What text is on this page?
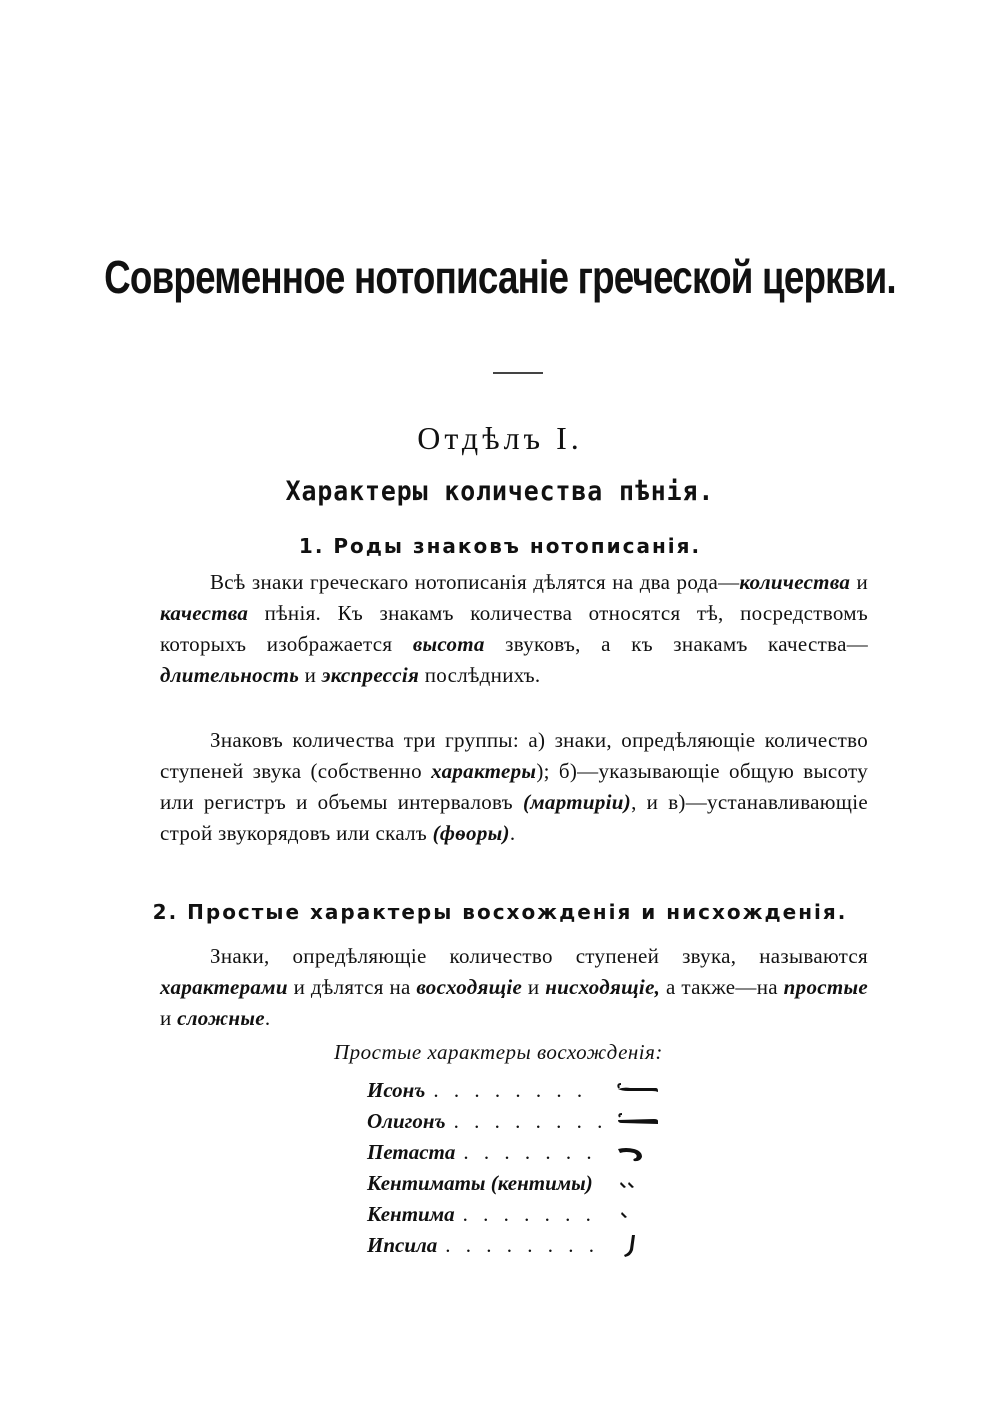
Современное нотописаніе греческой церкви.
Отдѣлъ I.
Характеры количества пѣнія.
1. Роды знаковъ нотописанія.
Всѣ знаки греческаго нотописанія дѣлятся на два рода—количества и качества пѣнія. Къ знакамъ количества относятся тѣ, посредствомъ которыхъ изображается высота звуковъ, а къ знакамъ качества—длительность и экспрессія послѣднихъ.
Знаковъ количества три группы: а) знаки, опредѣляющіе количество ступеней звука (собственно характеры); б)—указывающіе общую высоту или регистръ и объемы интерваловъ (мартиріи), и в)—устанавливающіе строй звукорядовъ или скалъ (фѳоры).
2. Простые характеры восхожденія и нисхожденія.
Знаки, опредѣляющіе количество ступеней звука, называются характерами и дѣлятся на восходящіе и нисходящіе, а также—на простые и сложные.
Простые характеры восхожденія:
Исонъ . . . . . . . .
Олигонъ . . . . . . . .
Петаста . . . . . . .
Кентиматы (кентимы)
Кентима . . . . . . .
Ипсила . . . . . . . .
